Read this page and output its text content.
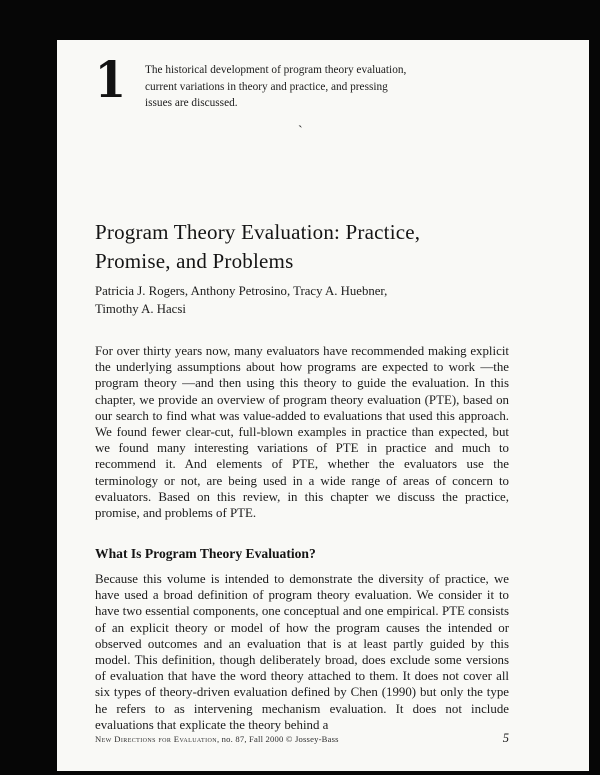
1 The historical development of program theory evaluation,
current variations in theory and practice, and pressing
issues are discussed.
`
Program Theory Evaluation: Practice,
Promise, and Problems
Patricia J. Rogers, Anthony Petrosino, Tracy A. Huebner,
Timothy A. Hacsi
For over thirty years now, many evaluators have recommended making explicit the underlying assumptions about how programs are expected to work —the program theory —and then using this theory to guide the evaluation. In this chapter, we provide an overview of program theory evaluation (PTE), based on our search to find what was value-added to evaluations that used this approach. We found fewer clear-cut, full-blown examples in practice than expected, but we found many interesting variations of PTE in practice and much to recommend it. And elements of PTE, whether the evaluators use the terminology or not, are being used in a wide range of areas of concern to evaluators. Based on this review, in this chapter we discuss the practice, promise, and problems of PTE.
What Is Program Theory Evaluation?
Because this volume is intended to demonstrate the diversity of practice, we have used a broad definition of program theory evaluation. We consider it to have two essential components, one conceptual and one empirical. PTE consists of an explicit theory or model of how the program causes the intended or observed outcomes and an evaluation that is at least partly guided by this model. This definition, though deliberately broad, does exclude some versions of evaluation that have the word theory attached to them. It does not cover all six types of theory-driven evaluation defined by Chen (1990) but only the type he refers to as intervening mechanism evaluation. It does not include evaluations that explicate the theory behind a
New Directions for Evaluation, no. 87, Fall 2000 © Jossey-Bass	5
